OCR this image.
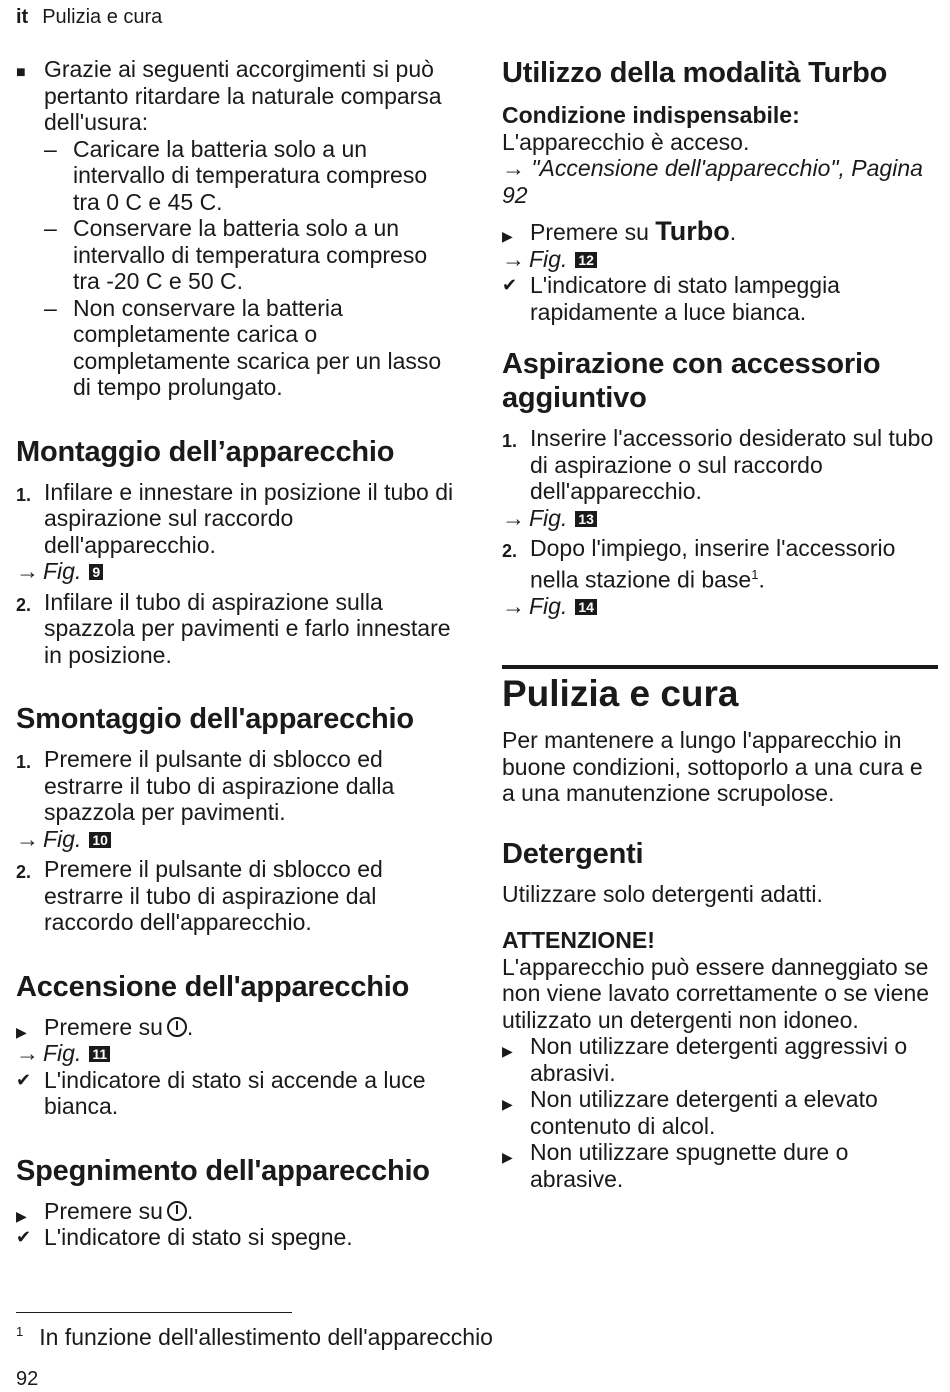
it Pulizia e cura
■ Grazie ai seguenti accorgimenti si può pertanto ritardare la naturale comparsa dell'usura:
– Caricare la batteria solo a un intervallo di temperatura compreso tra 0 C e 45 C.
– Conservare la batteria solo a un intervallo di temperatura compreso tra -20 C e 50 C.
– Non conservare la batteria completamente carica o completamente scarica per un lasso di tempo prolungato.
Montaggio dell’apparecchio
1. Infilare e innestare in posizione il tubo di aspirazione sul raccordo dell'apparecchio.
→ Fig. 9
2. Infilare il tubo di aspirazione sulla spazzola per pavimenti e farlo innestare in posizione.
Smontaggio dell'apparecchio
1. Premere il pulsante di sblocco ed estrarre il tubo di aspirazione dalla spazzola per pavimenti.
→ Fig. 10
2. Premere il pulsante di sblocco ed estrarre il tubo di aspirazione dal raccordo dell'apparecchio.
Accensione dell'apparecchio
▶ Premere su .
→ Fig. 11
✔ L'indicatore di stato si accende a luce bianca.
Spegnimento dell'apparecchio
▶ Premere su .
✔ L'indicatore di stato si spegne.
Utilizzo della modalità Turbo
Condizione indispensabile: L'apparecchio è acceso.
→ "Accensione dell'apparecchio", Pagina 92
▶ Premere su Turbo.
→ Fig. 12
✔ L'indicatore di stato lampeggia rapidamente a luce bianca.
Aspirazione con accessorio aggiuntivo
1. Inserire l'accessorio desiderato sul tubo di aspirazione o sul raccordo dell'apparecchio.
→ Fig. 13
2. Dopo l'impiego, inserire l'accessorio nella stazione di base$^1$.
→ Fig. 14
Pulizia e cura
Per mantenere a lungo l'apparecchio in buone condizioni, sottoporlo a una cura e a una manutenzione scrupolose.
Detergenti
Utilizzare solo detergenti adatti.
ATTENZIONE!
L'apparecchio può essere danneggiato se non viene lavato correttamente o se viene utilizzato un detergenti non idoneo.
▶ Non utilizzare detergenti aggressivi o abrasivi.
▶ Non utilizzare detergenti a elevato contenuto di alcol.
▶ Non utilizzare spugnette dure o abrasive.
$^1$ In funzione dell'allestimento dell'apparecchio
92
